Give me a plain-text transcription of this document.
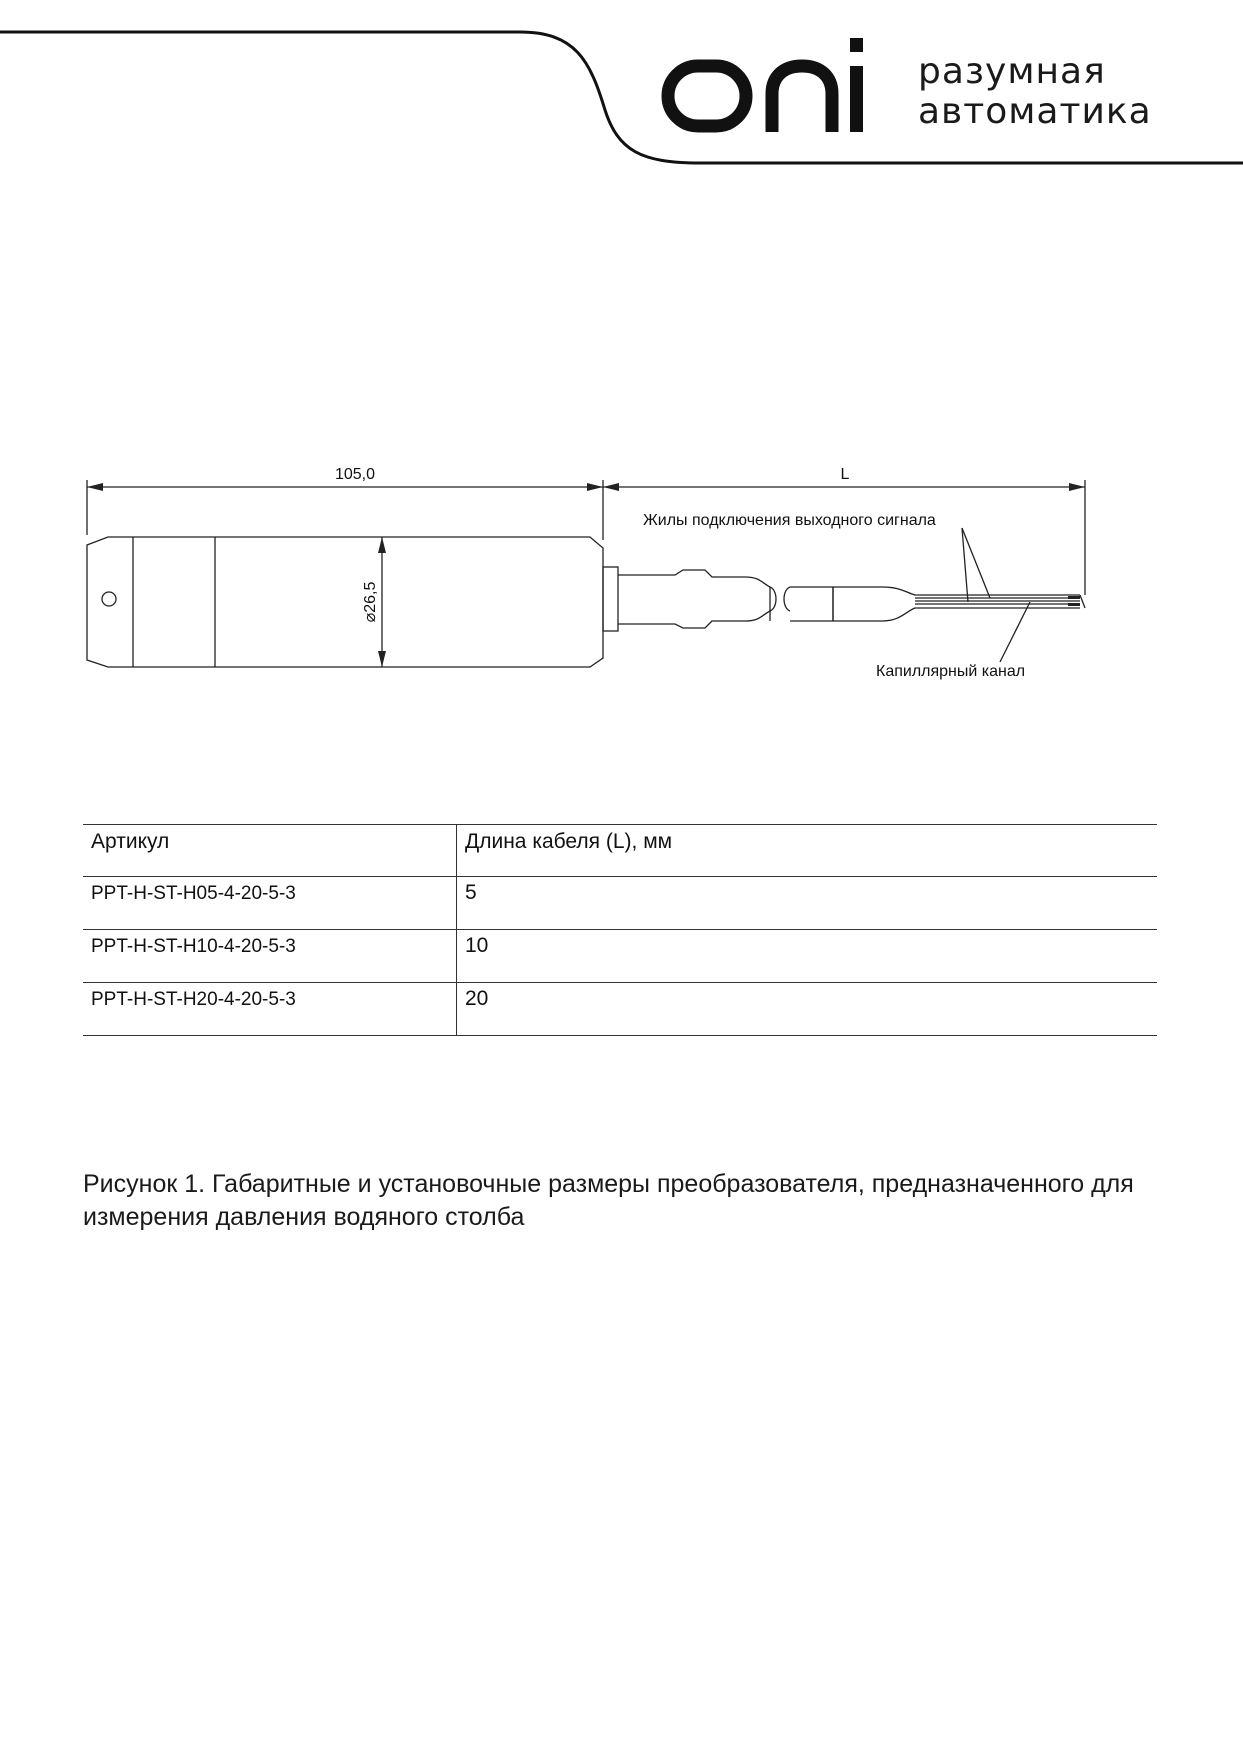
разумная
автоматика
105,0	L
⌀26,5
Жилы подключения выходного сигнала
Капиллярный канал
Артикул	Длина кабеля (L), мм
PPT-H-ST-H05-4-20-5-3	5
PPT-H-ST-H10-4-20-5-3	10
PPT-H-ST-H20-4-20-5-3	20
Рисунок 1. Габаритные и установочные размеры преобразователя, предназначенного для
измерения давления водяного столба
